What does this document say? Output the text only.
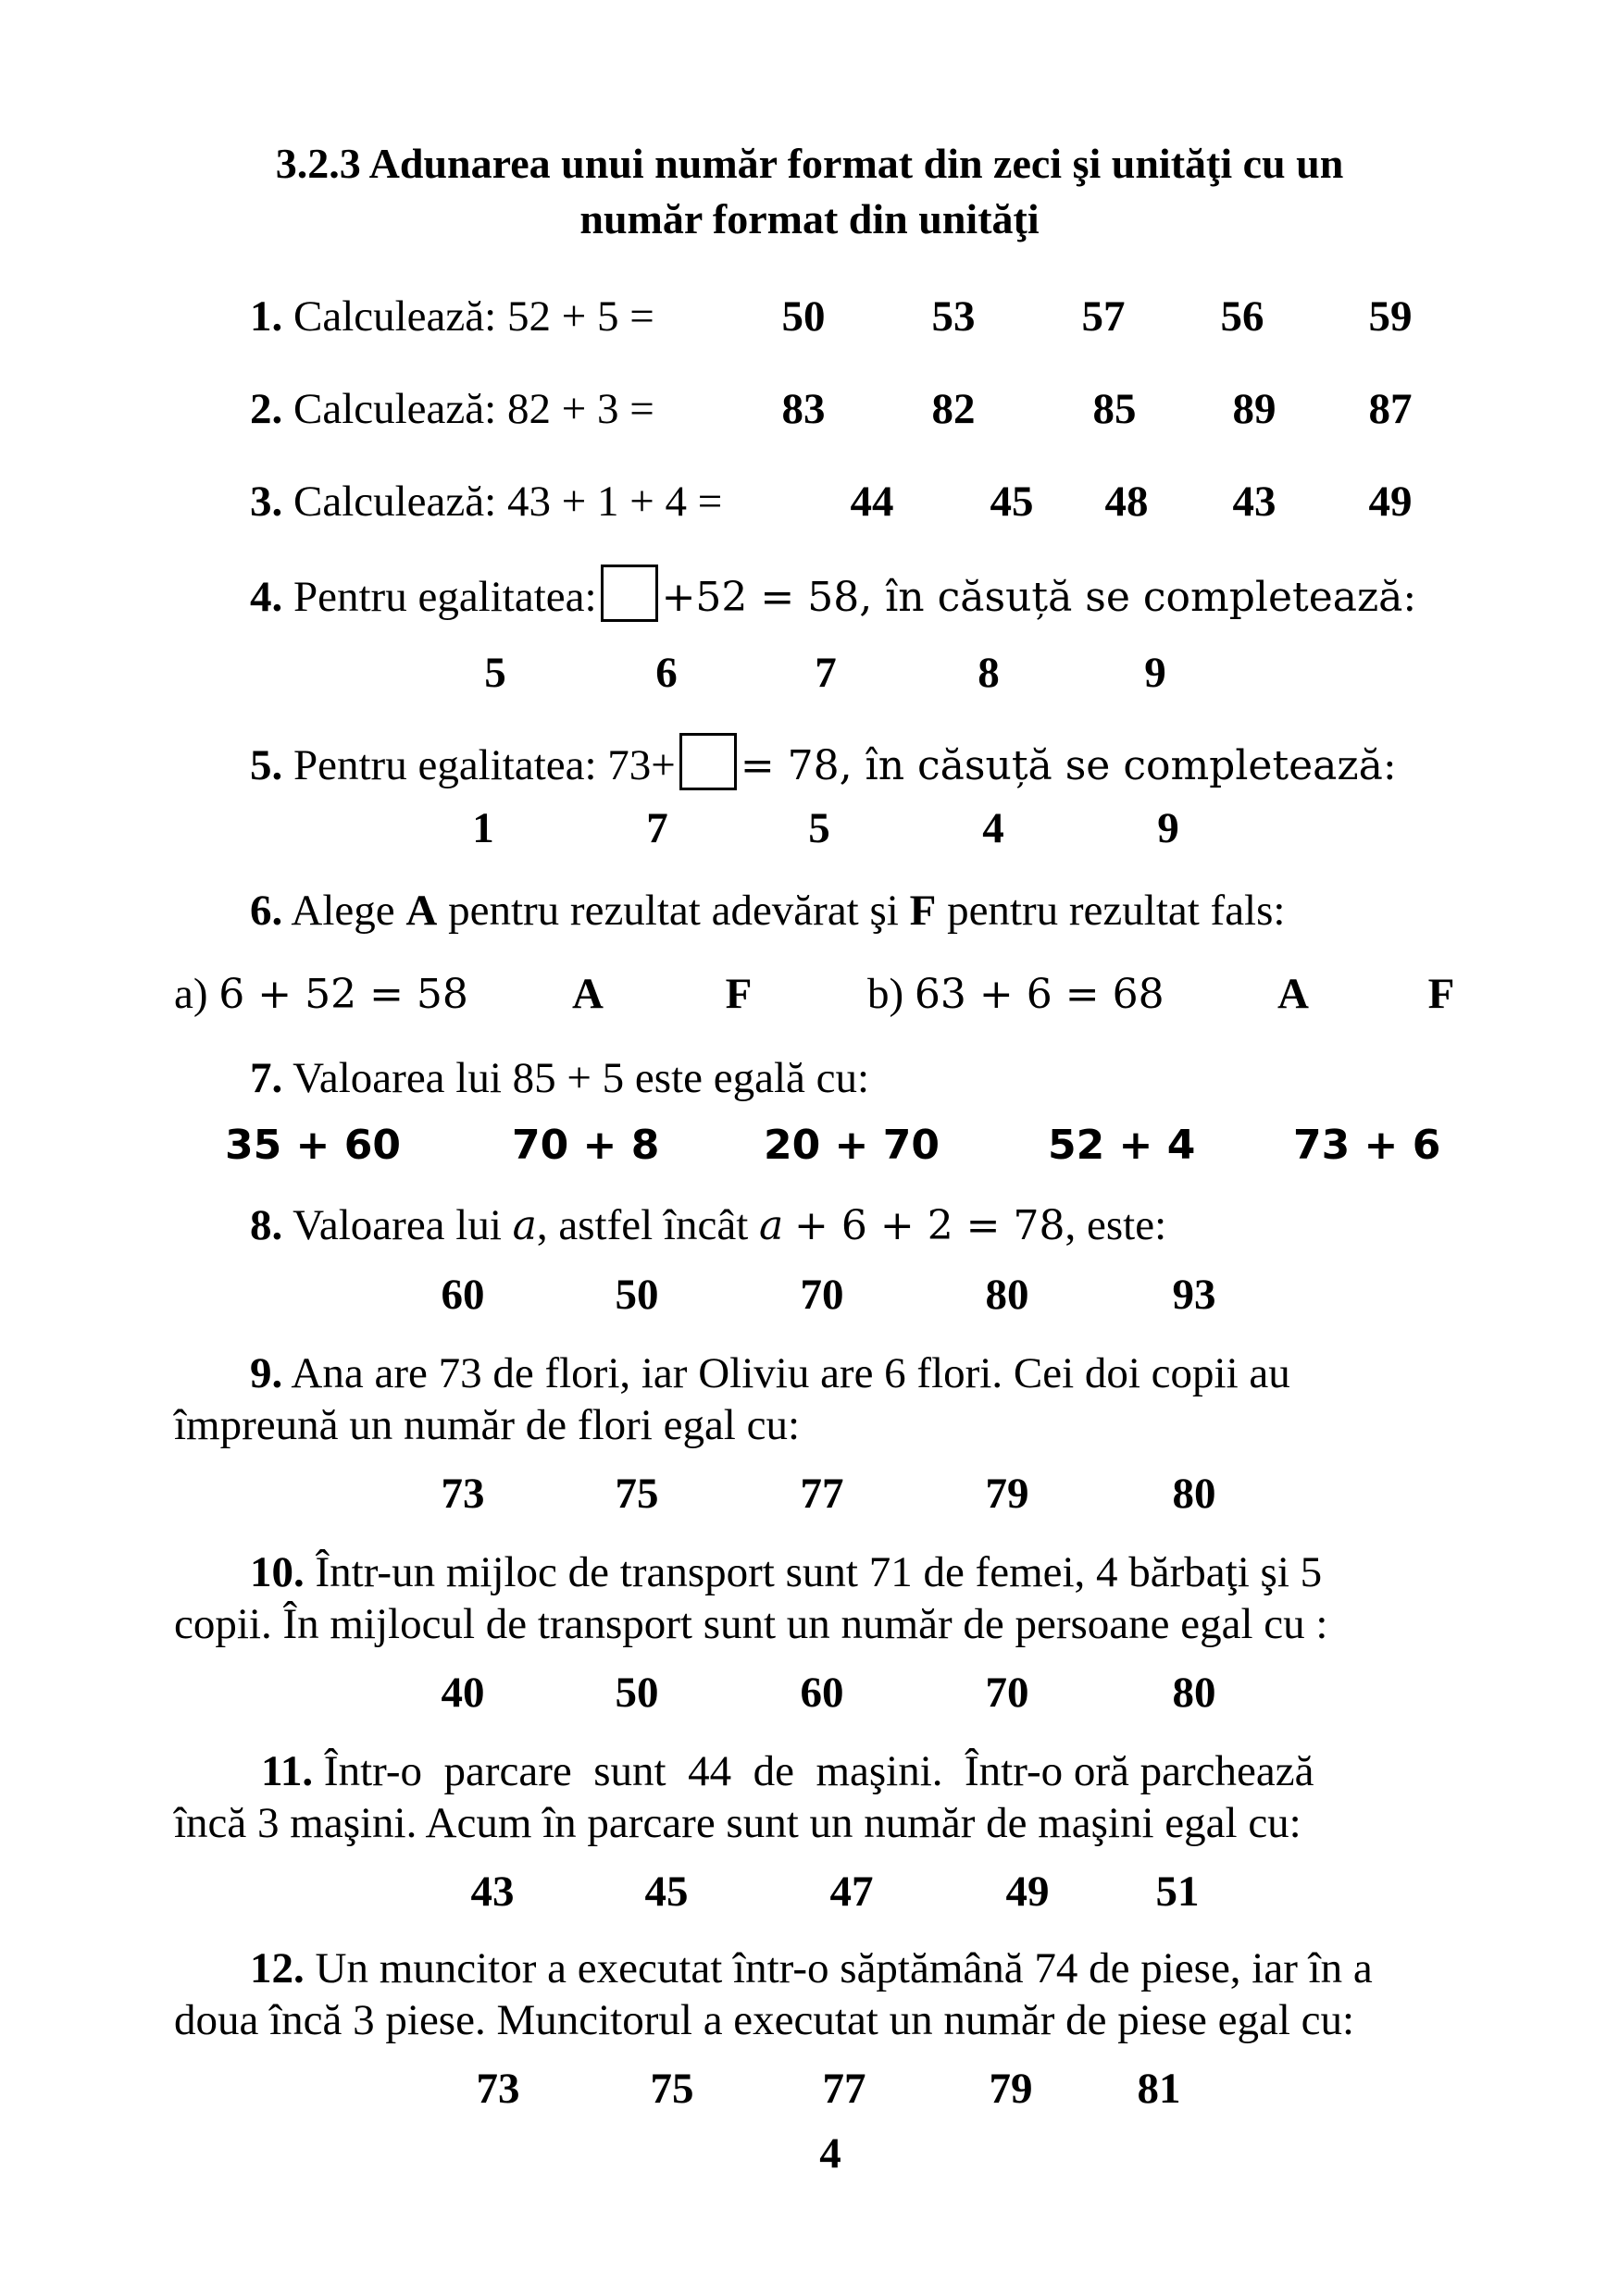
3.2.3 Adunarea unui număr format din zeci şi unităţi cu un
număr format din unităţi
1. Calculează: 52 + 5 =	50	53	57	56	59
2. Calculează: 82 + 3 =	83	82	85	89	87
3. Calculează: 43 + 1 + 4 =	44	45	48	43	49
4. Pentru egalitatea: +52 = 58, în căsuță se completează:
5	6	7	8	9
5. Pentru egalitatea: 73+ = 78, în căsuță se completează:
1	7	5	4	9
6. Alege A pentru rezultat adevărat şi F pentru rezultat fals:
a) 6 + 52 = 58	A	F	b) 63 + 6 = 68	A	F
7. Valoarea lui 85 + 5 este egală cu:
35 + 60	70 + 8	20 + 70	52 + 4 73 + 6
8. Valoarea lui a, astfel încât a + 6 + 2 = 78, este:
60	50	70	80	93
9. Ana are 73 de flori, iar Oliviu are 6 flori. Cei doi copii au
împreună un număr de flori egal cu:
73	75	77	79	80
10. Într-un mijloc de transport sunt 71 de femei, 4 bărbaţi şi 5
copii. În mijlocul de transport sunt un număr de persoane egal cu :
40	50	60	70	80
11. Într-o  parcare  sunt  44  de  maşini.  Într-o oră parchează
încă 3 maşini. Acum în parcare sunt un număr de maşini egal cu:
43	45	47	49	51
12. Un muncitor a executat într-o săptămână 74 de piese, iar în a
doua încă 3 piese. Muncitorul a executat un număr de piese egal cu:
73	75	77	79	81
4
